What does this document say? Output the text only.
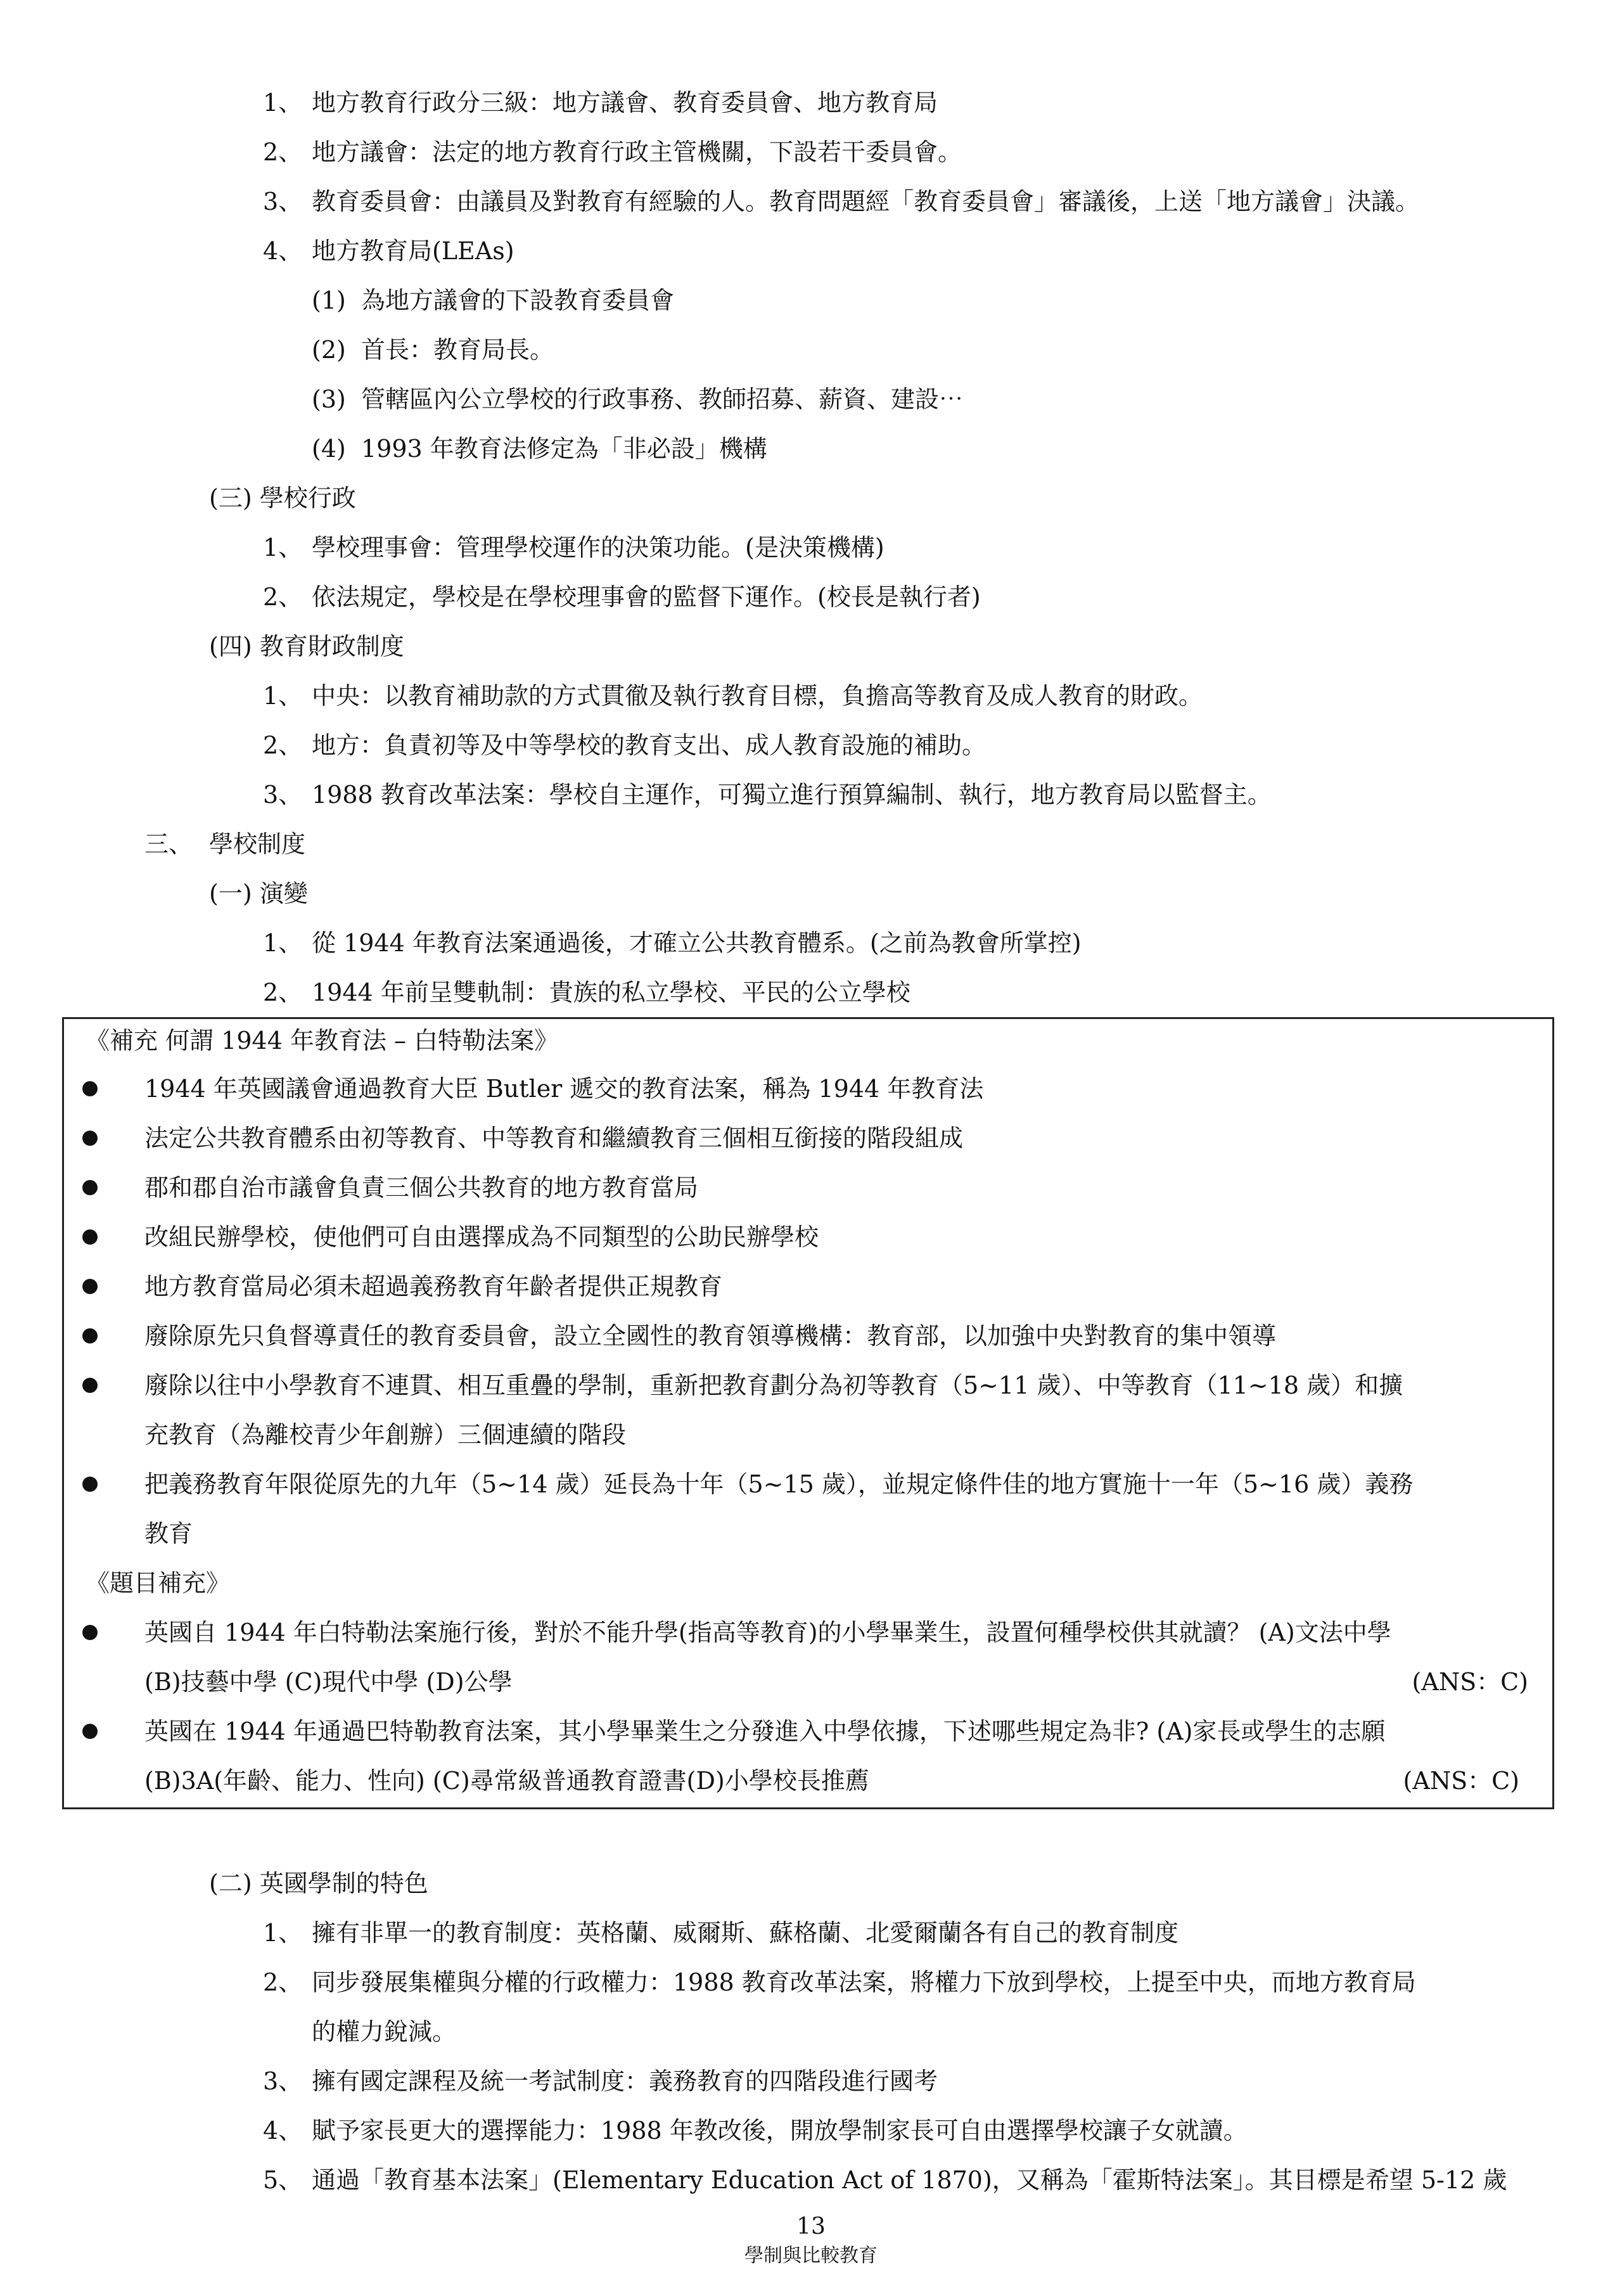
1、 地方教育行政分三級：地方議會、教育委員會、地方教育局
2、 地方議會：法定的地方教育行政主管機關，下設若干委員會。
3、 教育委員會：由議員及對教育有經驗的人。教育問題經「教育委員會」審議後，上送「地方議會」決議。
4、 地方教育局(LEAs)
(1) 為地方議會的下設教育委員會
(2) 首長：教育局長。
(3) 管轄區內公立學校的行政事務、教師招募、薪資、建設⋯
(4) 1993 年教育法修定為「非必設」機構
(三) 學校行政
1、 學校理事會：管理學校運作的決策功能。(是決策機構)
2、 依法規定，學校是在學校理事會的監督下運作。(校長是執行者)
(四) 教育財政制度
1、 中央：以教育補助款的方式貫徹及執行教育目標，負擔高等教育及成人教育的財政。
2、 地方：負責初等及中等學校的教育支出、成人教育設施的補助。
3、 1988 教育改革法案：學校自主運作，可獨立進行預算編制、執行，地方教育局以監督主。
三、 學校制度
(一) 演變
1、 從 1944 年教育法案通過後，才確立公共教育體系。(之前為教會所掌控)
2、 1944 年前呈雙軌制：貴族的私立學校、平民的公立學校
《補充 何謂 1944 年教育法 – 白特勒法案》
1944 年英國議會通過教育大臣 Butler 遞交的教育法案，稱為 1944 年教育法
法定公共教育體系由初等教育、中等教育和繼續教育三個相互銜接的階段組成
郡和郡自治市議會負責三個公共教育的地方教育當局
改組民辦學校，使他們可自由選擇成為不同類型的公助民辦學校
地方教育當局必須未超過義務教育年齡者提供正規教育
廢除原先只負督導責任的教育委員會，設立全國性的教育領導機構：教育部，以加強中央對教育的集中領導
廢除以往中小學教育不連貫、相互重疊的學制，重新把教育劃分為初等教育（5~11 歲）、中等教育（11~18 歲）和擴
充教育（為離校青少年創辦）三個連續的階段
把義務教育年限從原先的九年（5~14 歲）延長為十年（5~15 歲），並規定條件佳的地方實施十一年（5~16 歲）義務
教育
《題目補充》
英國自 1944 年白特勒法案施行後，對於不能升學(指高等教育)的小學畢業生，設置何種學校供其就讀？ (A)文法中學
(B)技藝中學 (C)現代中學 (D)公學	(ANS：C)
英國在 1944 年通過巴特勒教育法案，其小學畢業生之分發進入中學依據，下述哪些規定為非? (A)家長或學生的志願
(B)3A(年齡、能力、性向) (C)尋常級普通教育證書(D)小學校長推薦	(ANS：C)
(二) 英國學制的特色
1、 擁有非單一的教育制度：英格蘭、威爾斯、蘇格蘭、北愛爾蘭各有自己的教育制度
2、 同步發展集權與分權的行政權力：1988 教育改革法案，將權力下放到學校，上提至中央，而地方教育局
的權力銳減。
3、 擁有國定課程及統一考試制度：義務教育的四階段進行國考
4、 賦予家長更大的選擇能力：1988 年教改後，開放學制家長可自由選擇學校讓子女就讀。
5、 通過「教育基本法案」(Elementary Education Act of 1870)，又稱為「霍斯特法案」。其目標是希望 5-12 歲
13
學制與比較教育
